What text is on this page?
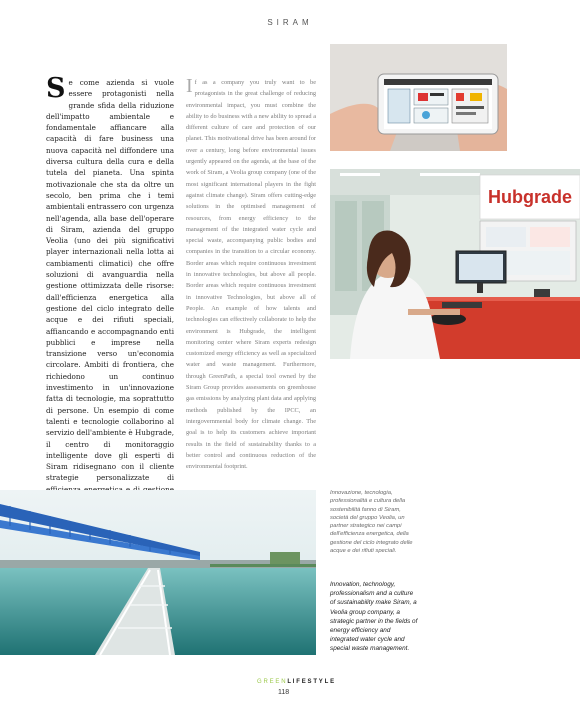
SIRAM
Se come azienda si vuole essere protagonisti nella grande sfida della riduzione dell'impatto ambientale e fondamentale affiancare alla capacità di fare business una nuova capacità nel diffondere una diversa cultura della cura e della tutela del pianeta. Una spinta motivazionale che sta da oltre un secolo, ben prima che i temi ambientali entrassero con urgenza nell'agenda, alla base dell'operare di Siram, azienda del gruppo Veolia (uno dei più significativi player internazionali nella lotta ai cambiamenti climatici) che offre soluzioni di avanguardia nella gestione ottimizzata delle risorse: dall'efficienza energetica alla gestione del ciclo integrato delle acque e dei rifiuti speciali, affiancando e accompagnando enti pubblici e imprese nella transizione verso un'economia circolare. Ambiti di frontiera, che richiedono un continuo investimento in un'innovazione fatta di tecnologie, ma soprattutto di persone. Un esempio di come talenti e tecnologie collaborino al servizio dell'ambiente è Hubgrade, il centro di monitoraggio intelligente dove gli esperti di Siram ridisegnano con il cliente strategie personalizzate di
If as a company you truly want to be protagonists in the great challenge of reducing environmental impact, you must combine the ability to do business with a new ability to spread a different culture of care and protection of our planet. This motivational drive has been around for over a century, long before environmental issues urgently appeared on the agenda, at the base of the work of Siram, a Veolia group company (one of the most significant international players in the fight against climate change). Siram offers cutting-edge solutions in the optimised management of resources, from energy efficiency to the management of the integrated water cycle and special waste, accompanying public bodies and companies in the transition to a circular economy. Border areas which require continuous investment in innovative technologies, but above all people. Border areas which require continuous investment in innovative Technologies, but above all of People. An example of how talents and technologies can effectively collaborate to help the environment is Hubgrade, the intelligent monitoring center where Siram experts redesign customized energy efficiency as well as specialized water and waste management. Furthermore, through GreenPath, a special tool owned by the Siram Group provides assessments on greenhouse gas emissions by analyzing plant data and applying methods published by the IPCC, an intergovernmental body for climate change. The goal is to help its customers achieve important results in the field of sustainability thanks to a better control and continuous reduction of the environmental footprint.
Hubgrade
Innovazione, tecnologia, professionalità e cultura della sostenibilità fanno di Siram, società del gruppo Veolia, un partner strategico nei campi dell'efficienza energetica, della gestione del ciclo integrato delle acque e dei rifiuti speciali.
Innovation, technology, professionalism and a culture of sustainability make Siram, a Veolia group company, a strategic partner in the fields of energy efficiency and integrated water cycle and special waste management.
GREENLIFESTYLE
118
